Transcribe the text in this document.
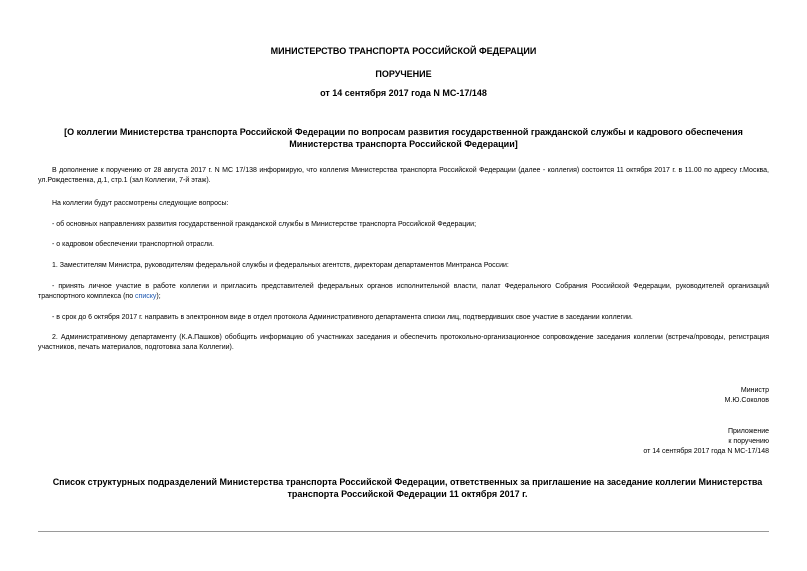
МИНИСТЕРСТВО ТРАНСПОРТА РОССИЙСКОЙ ФЕДЕРАЦИИ

ПОРУЧЕНИЕ

от 14 сентября 2017 года N МС-17/148

[О коллегии Министерства транспорта Российской Федерации по вопросам развития государственной гражданской службы и кадрового обеспечения
Министерства транспорта Российской Федерации]

В дополнение к поручению от 28 августа 2017 г. N МС 17/138 информирую, что коллегия Министерства транспорта Российской Федерации (далее - коллегия) состоится 11 октября 2017 г. в 11.00 по адресу г.Москва, ул.Рождественка, д.1, стр.1 (зал Коллегии, 7-й этаж).

На коллегии будут рассмотрены следующие вопросы:

- об основных направлениях развития государственной гражданской службы в Министерстве транспорта Российской Федерации;

- о кадровом обеспечении транспортной отрасли.

1. Заместителям Министра, руководителям федеральной службы и федеральных агентств, директорам департаментов Минтранса России:

- принять личное участие в работе коллегии и пригласить представителей федеральных органов исполнительной власти, палат Федерального Собрания Российской Федерации, руководителей организаций транспортного комплекса (по списку);

- в срок до 6 октября 2017 г. направить в электронном виде в отдел протокола Административного департамента списки лиц, подтвердивших свое участие в заседании коллегии.

2. Административному департаменту (К.А.Пашков) обобщить информацию об участниках заседания и обеспечить протокольно-организационное сопровождение заседания коллегии (встреча/проводы, регистрация участников, печать материалов, подготовка зала Коллегии).

Министр
М.Ю.Соколов
Приложение
к поручению
от 14 сентября 2017 года N МС-17/148
Список структурных подразделений Министерства транспорта Российской Федерации, ответственных за приглашение на заседание коллегии Министерства транспорта Российской Федерации 11 октября 2017 г.
